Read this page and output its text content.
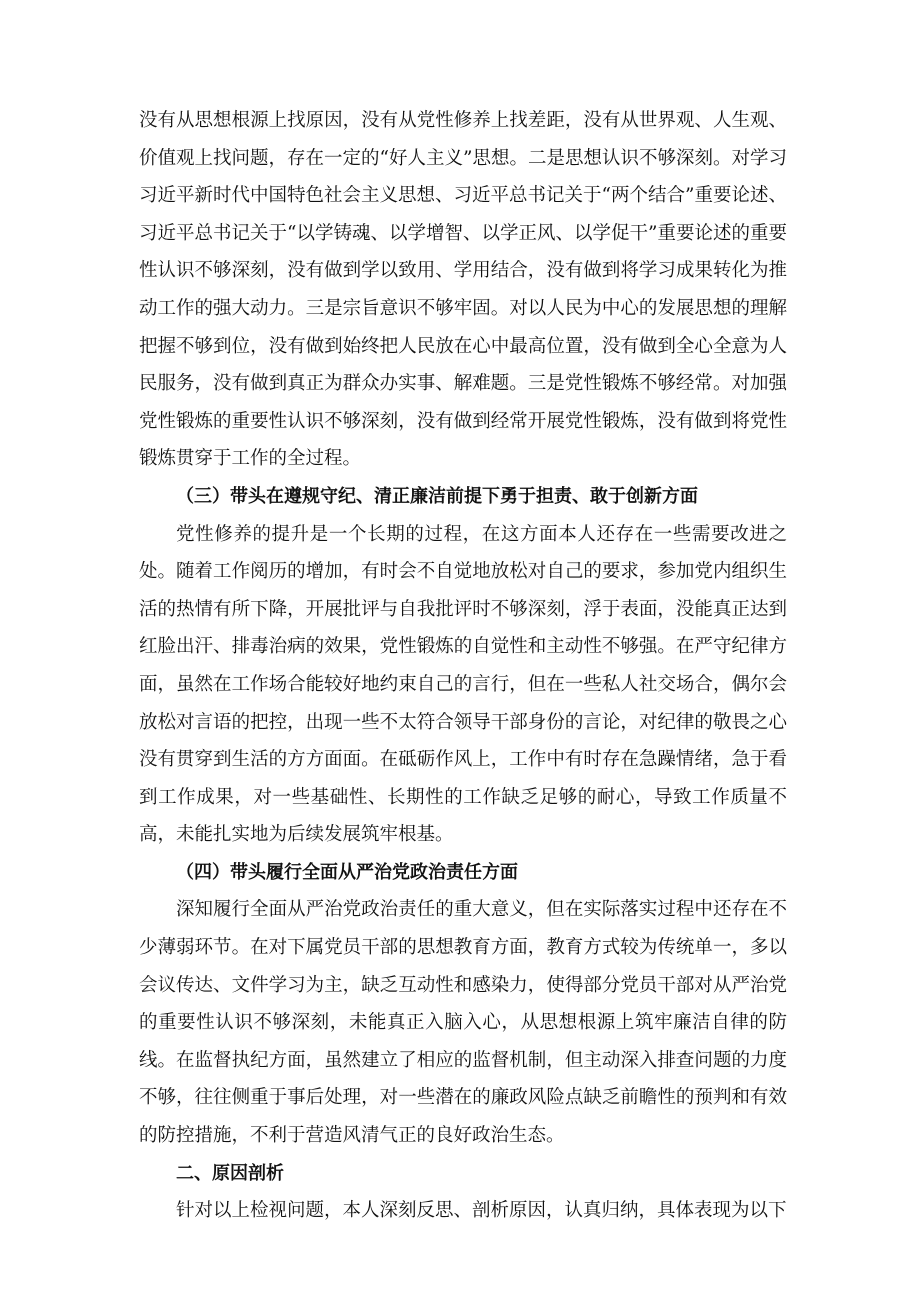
没有从思想根源上找原因，没有从党性修养上找差距，没有从世界观、人生观、价值观上找问题，存在一定的“好人主义”思想。二是思想认识不够深刻。对学习习近平新时代中国特色社会主义思想、习近平总书记关于“两个结合”重要论述、习近平总书记关于“以学铸魂、以学增智、以学正风、以学促干”重要论述的重要性认识不够深刻，没有做到学以致用、学用结合，没有做到将学习成果转化为推动工作的强大动力。三是宗旨意识不够牢固。对以人民为中心的发展思想的理解把握不够到位，没有做到始终把人民放在心中最高位置，没有做到全心全意为人民服务，没有做到真正为群众办实事、解难题。三是党性锻炼不够经常。对加强党性锻炼的重要性认识不够深刻，没有做到经常开展党性锻炼，没有做到将党性锻炼贯穿于工作的全过程。

（三）带头在遵规守纪、清正廉洁前提下勇于担责、敢于创新方面

党性修养的提升是一个长期的过程，在这方面本人还存在一些需要改进之处。随着工作阅历的增加，有时会不自觉地放松对自己的要求，参加党内组织生活的热情有所下降，开展批评与自我批评时不够深刻，浮于表面，没能真正达到红脸出汗、排毒治病的效果，党性锻炼的自觉性和主动性不够强。在严守纪律方面，虽然在工作场合能较好地约束自己的言行，但在一些私人社交场合，偶尔会放松对言语的把控，出现一些不太符合领导干部身份的言论，对纪律的敬畏之心没有贯穿到生活的方方面面。在砥砺作风上，工作中有时存在急躁情绪，急于看到工作成果，对一些基础性、长期性的工作缺乏足够的耐心，导致工作质量不高，未能扎实地为后续发展筑牢根基。

（四）带头履行全面从严治党政治责任方面

深知履行全面从严治党政治责任的重大意义，但在实际落实过程中还存在不少薄弱环节。在对下属党员干部的思想教育方面，教育方式较为传统单一，多以会议传达、文件学习为主，缺乏互动性和感染力，使得部分党员干部对从严治党的重要性认识不够深刻，未能真正入脑入心，从思想根源上筑牢廉洁自律的防线。在监督执纪方面，虽然建立了相应的监督机制，但主动深入排查问题的力度不够，往往侧重于事后处理，对一些潜在的廉政风险点缺乏前瞻性的预判和有效的防控措施，不利于营造风清气正的良好政治生态。

二、原因剖析

针对以上检视问题，本人深刻反思、剖析原因，认真归纳，具体表现为以下
